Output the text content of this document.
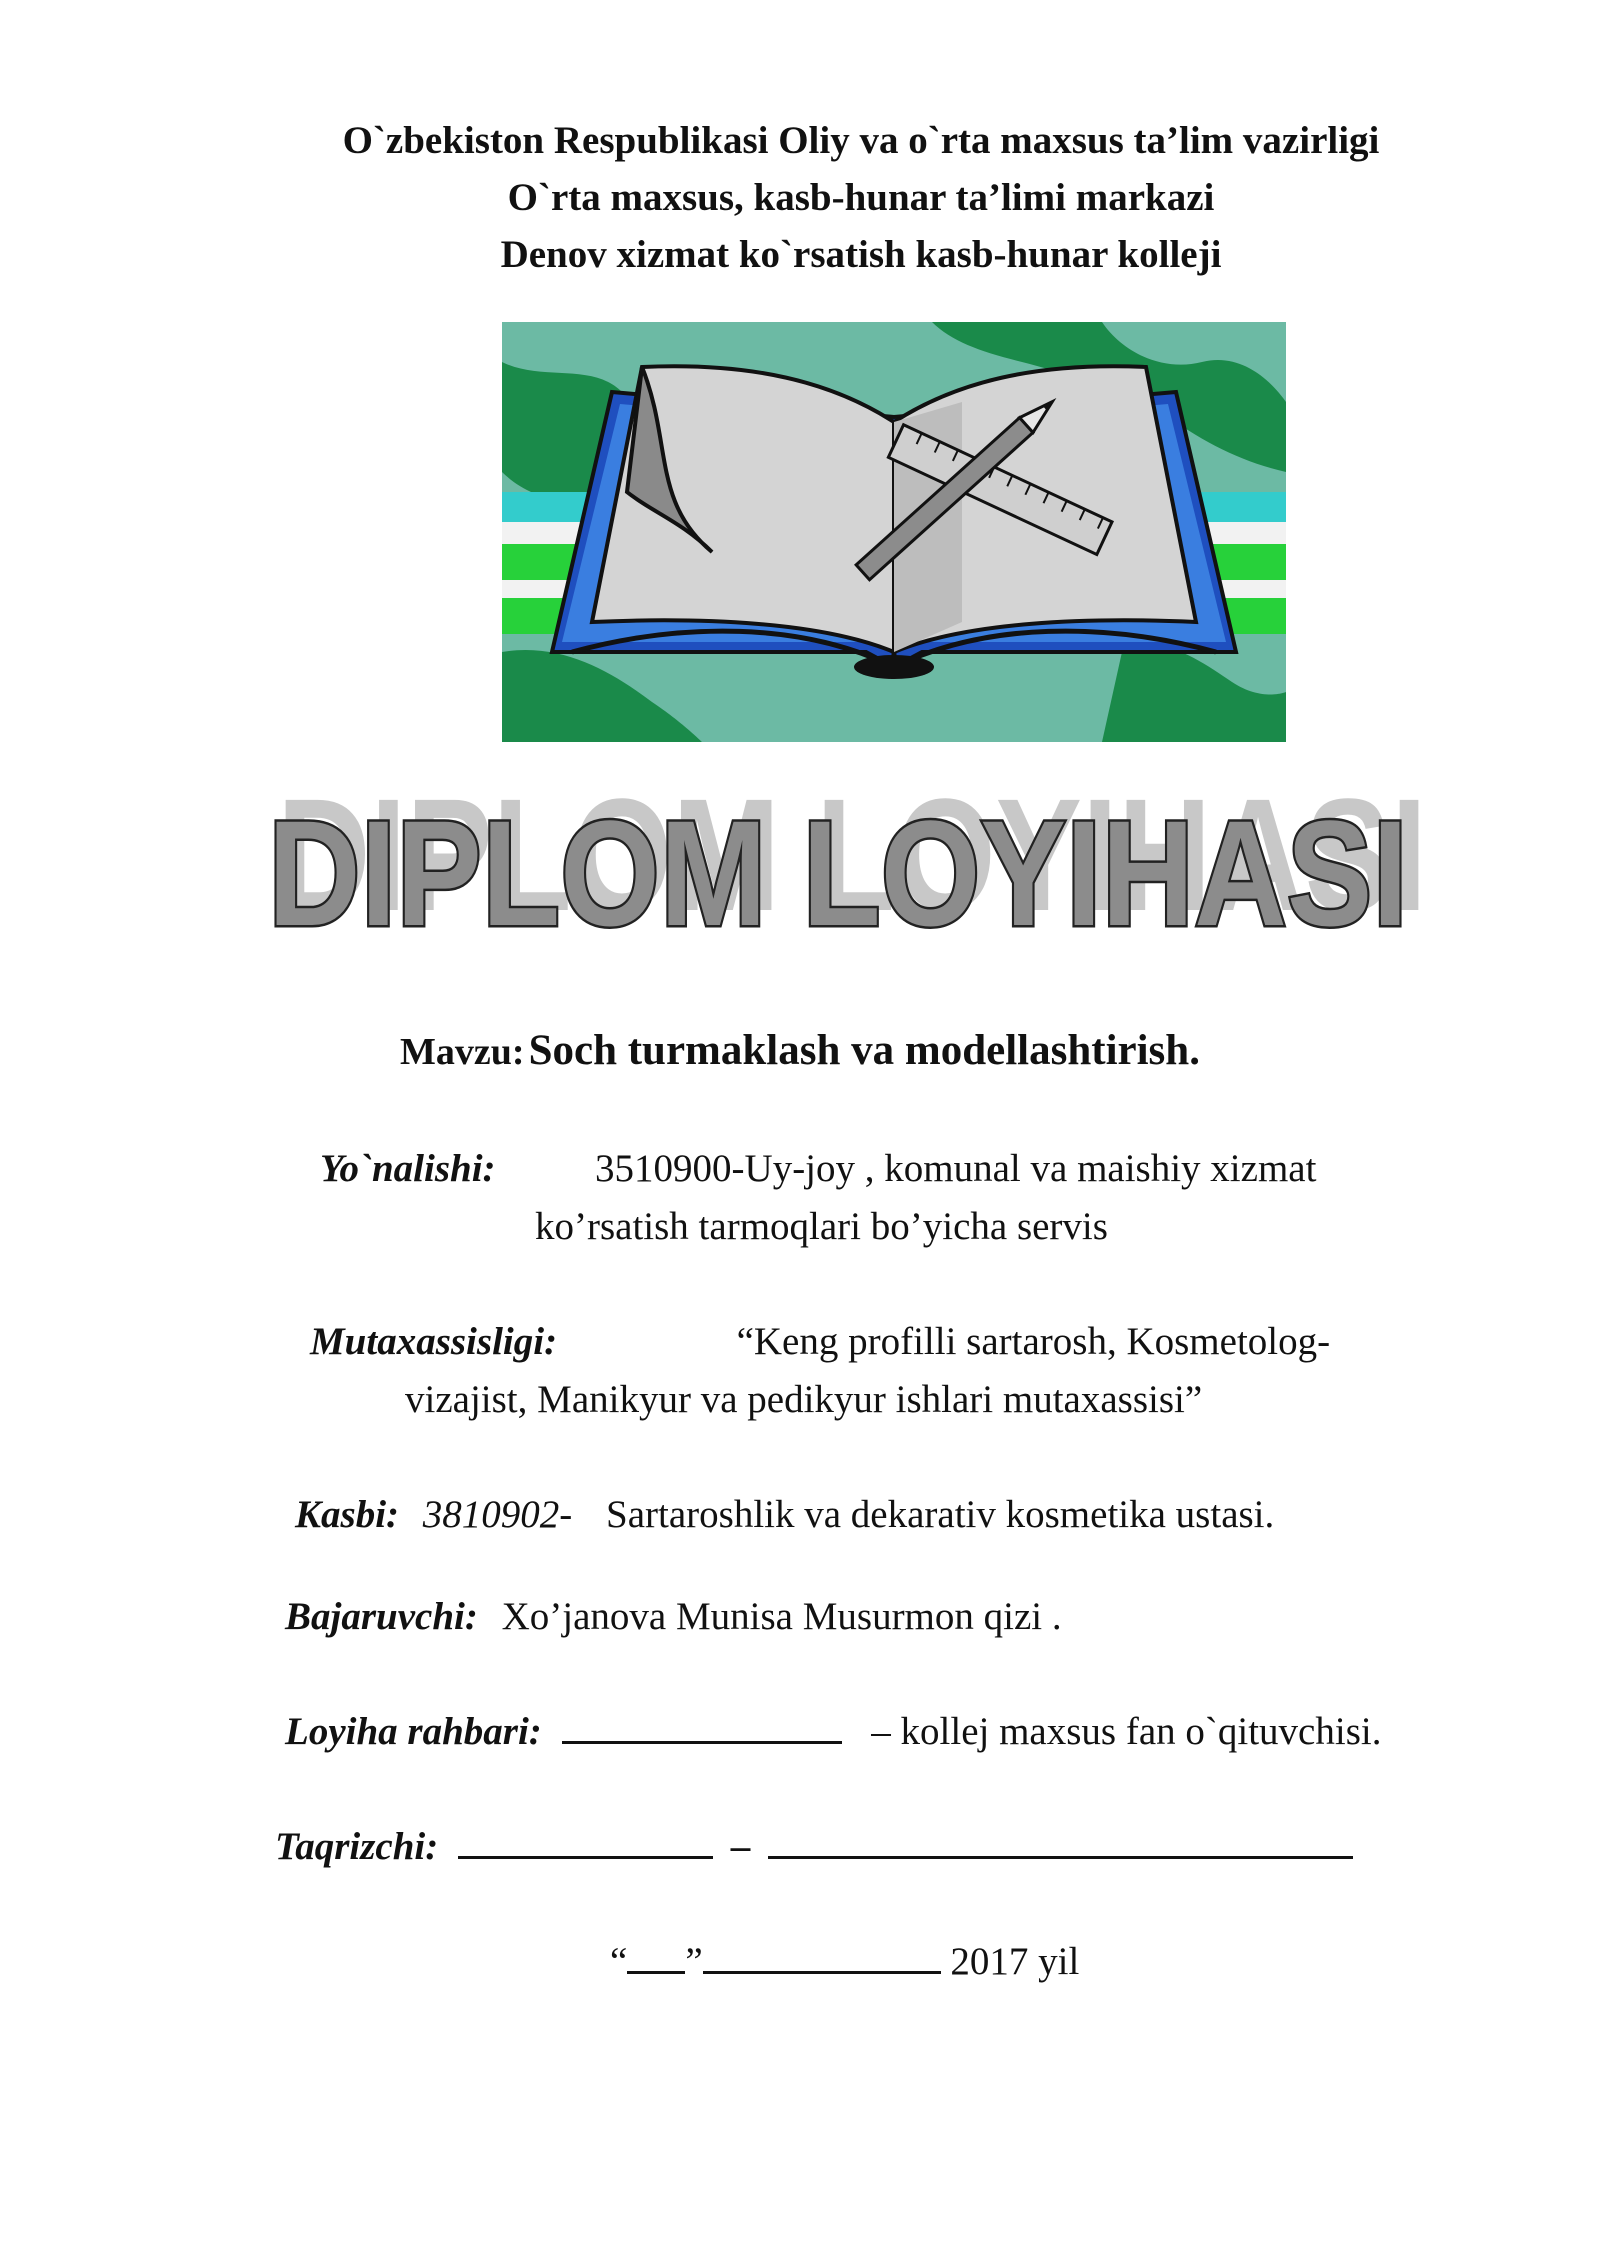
O`zbekiston Respublikasi Oliy va o`rta maxsus ta’lim vazirligi
O`rta maxsus, kasb-hunar ta’limi markazi
Denov xizmat ko`rsatish kasb-hunar kolleji
DIPLOM LOYIHASI
DIPLOM LOYIHASI
Mavzu: Soch turmaklash va modellashtirish.
Yo`nalishi:	3510900-Uy-joy , komunal va maishiy xizmat
ko’rsatish tarmoqlari bo’yicha servis
Mutaxassisligi:	“Keng profilli sartarosh, Kosmetolog-
vizajist, Manikyur va pedikyur ishlari mutaxassisi”
Kasbi: 3810902- Sartaroshlik va dekarativ kosmetika ustasi.
Bajaruvchi: Xo’janova Munisa Musurmon qizi .
Loyiha rahbari:	– kollej maxsus fan o`qituvchisi.
Taqrizchi:	–
“ ”	2017 yil
